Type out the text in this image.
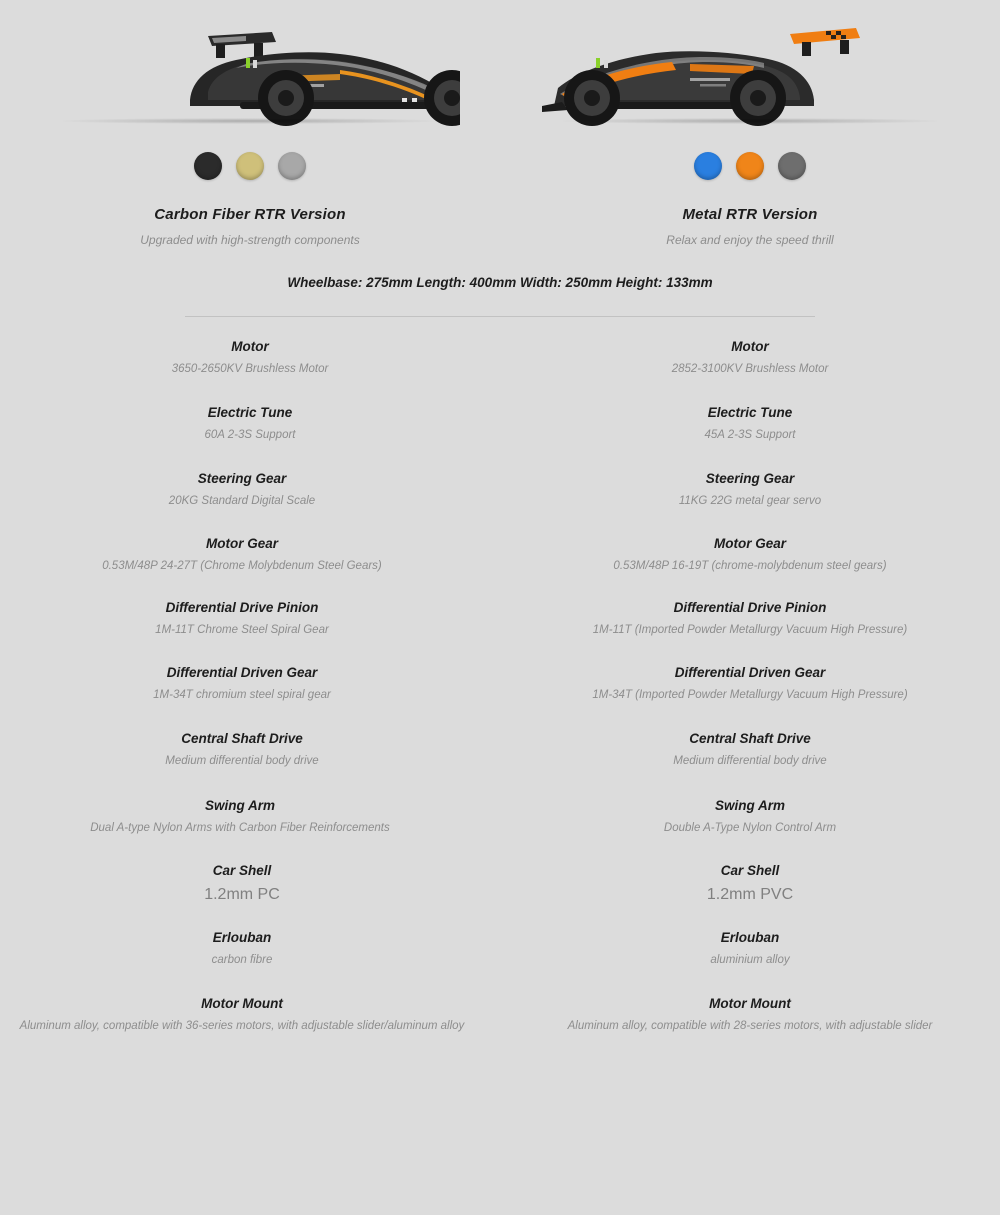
Carbon Fiber RTR Version
Upgraded with high-strength components
Metal RTR Version
Relax and enjoy the speed thrill
Wheelbase: 275mm Length: 400mm Width: 250mm Height: 133mm
Motor
3650-2650KV Brushless Motor
Motor
2852-3100KV Brushless Motor
Electric Tune
60A 2-3S Support
Electric Tune
45A 2-3S Support
Steering Gear
20KG Standard Digital Scale
Steering Gear
11KG 22G metal gear servo
Motor Gear
0.53M/48P 24-27T (Chrome Molybdenum Steel Gears)
Motor Gear
0.53M/48P 16-19T (chrome-molybdenum steel gears)
Differential Drive Pinion
1M-11T Chrome Steel Spiral Gear
Differential Drive Pinion
1M-11T (Imported Powder Metallurgy Vacuum High Pressure)
Differential Driven Gear
1M-34T chromium steel spiral gear
Differential Driven Gear
1M-34T (Imported Powder Metallurgy Vacuum High Pressure)
Central Shaft Drive
Medium differential body drive
Central Shaft Drive
Medium differential body drive
Swing Arm
Dual A-type Nylon Arms with Carbon Fiber Reinforcements
Swing Arm
Double A-Type Nylon Control Arm
Car Shell
1.2mm PC
Car Shell
1.2mm PVC
Erlouban
carbon fibre
Erlouban
aluminium alloy
Motor Mount
Aluminum alloy, compatible with 36-series motors, with adjustable slider/aluminum alloy
Motor Mount
Aluminum alloy, compatible with 28-series motors, with adjustable slider
